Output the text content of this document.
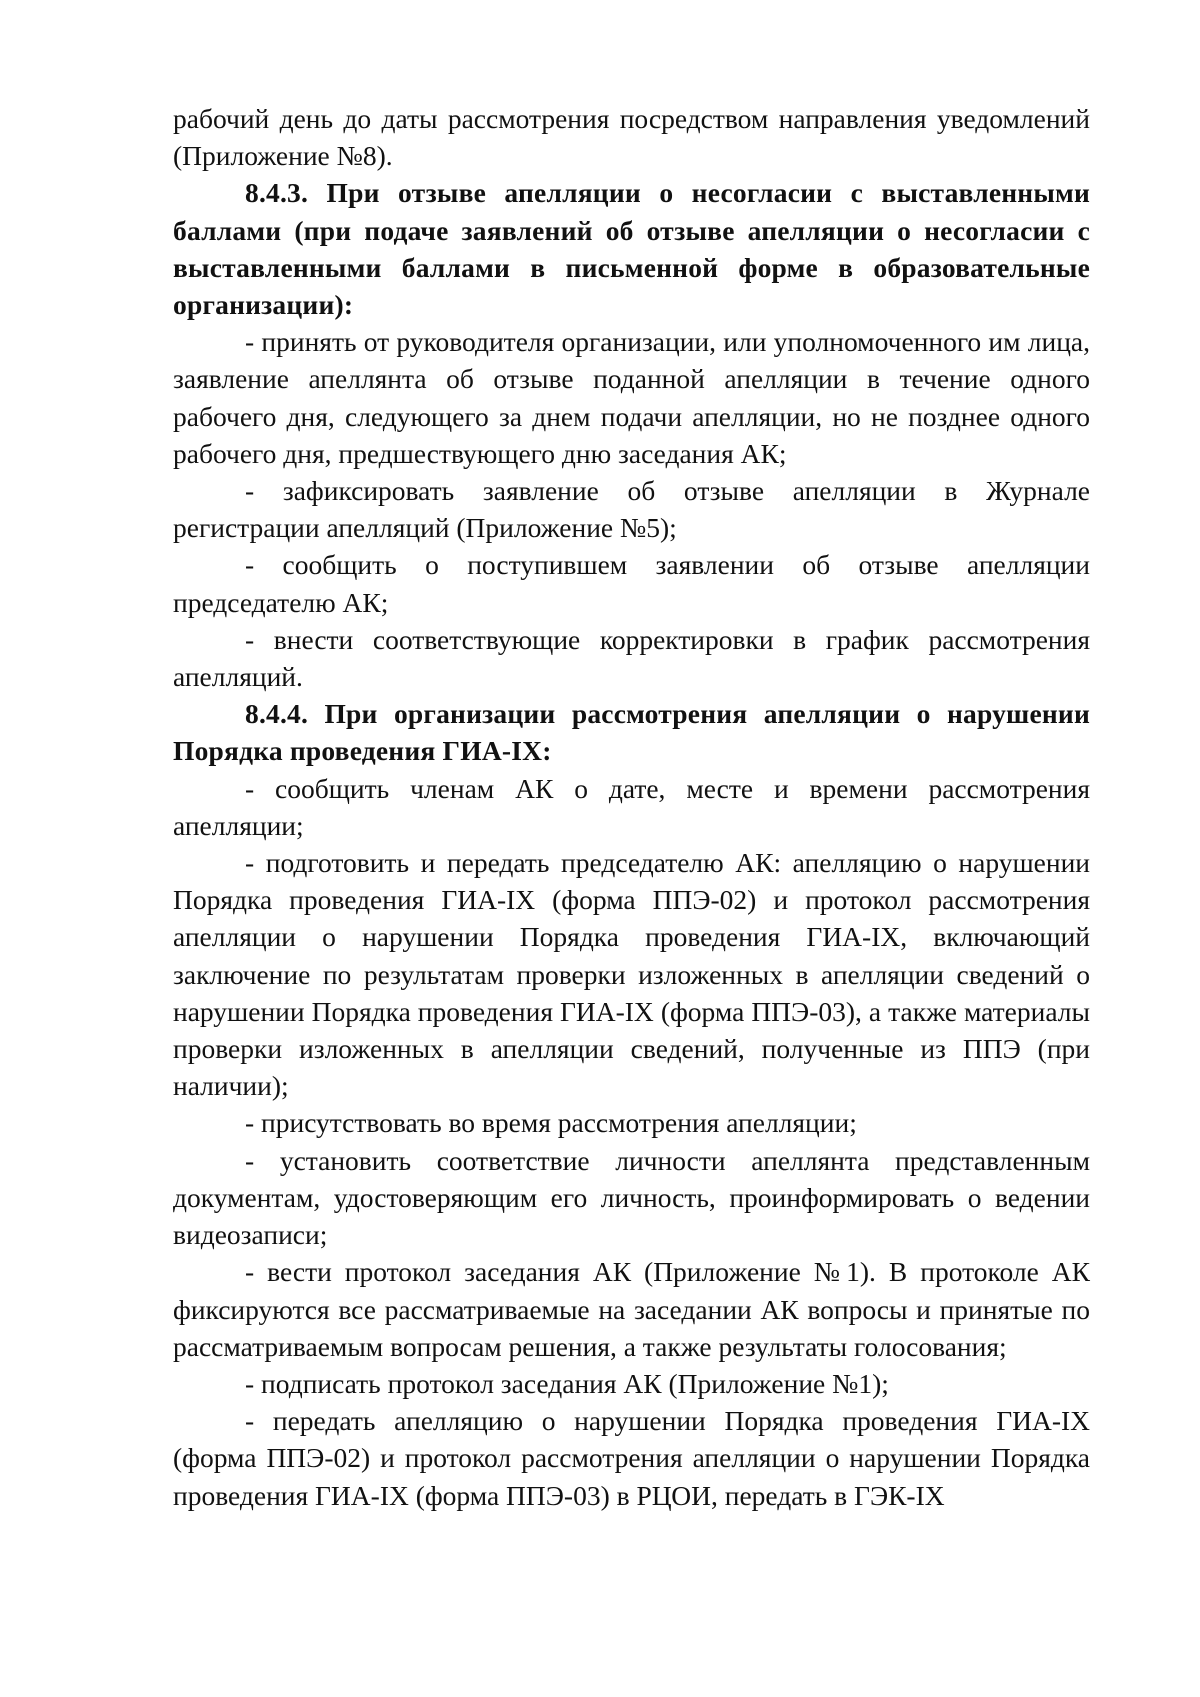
рабочий день до даты рассмотрения посредством направления уведомлений (Приложение №8).

8.4.3. При отзыве апелляции о несогласии с выставленными баллами (при подаче заявлений об отзыве апелляции о несогласии с выставленными баллами в письменной форме в образовательные организации):

- принять от руководителя организации, или уполномоченного им лица, заявление апеллянта об отзыве поданной апелляции в течение одного рабочего дня, следующего за днем подачи апелляции, но не позднее одного рабочего дня, предшествующего дню заседания АК;

- зафиксировать заявление об отзыве апелляции в Журнале регистрации апелляций (Приложение №5);

- сообщить о поступившем заявлении об отзыве апелляции председателю АК;

- внести соответствующие корректировки в график рассмотрения апелляций.

8.4.4. При организации рассмотрения апелляции о нарушении Порядка проведения ГИА-IX:

- сообщить членам АК о дате, месте и времени рассмотрения апелляции;

- подготовить и передать председателю АК: апелляцию о нарушении Порядка проведения ГИА-IX (форма ППЭ-02) и протокол рассмотрения апелляции о нарушении Порядка проведения ГИА-IX, включающий заключение по результатам проверки изложенных в апелляции сведений о нарушении Порядка проведения ГИА-IX (форма ППЭ-03), а также материалы проверки изложенных в апелляции сведений, полученные из ППЭ (при наличии);

- присутствовать во время рассмотрения апелляции;

- установить соответствие личности апеллянта представленным документам, удостоверяющим его личность, проинформировать о ведении видеозаписи;

- вести протокол заседания АК (Приложение №1). В протоколе АК фиксируются все рассматриваемые на заседании АК вопросы и принятые по рассматриваемым вопросам решения, а также результаты голосования;

- подписать протокол заседания АК (Приложение №1);

- передать апелляцию о нарушении Порядка проведения ГИА-IX (форма ППЭ-02) и протокол рассмотрения апелляции о нарушении Порядка проведения ГИА-IX (форма ППЭ-03) в РЦОИ, передать в ГЭК-IX
